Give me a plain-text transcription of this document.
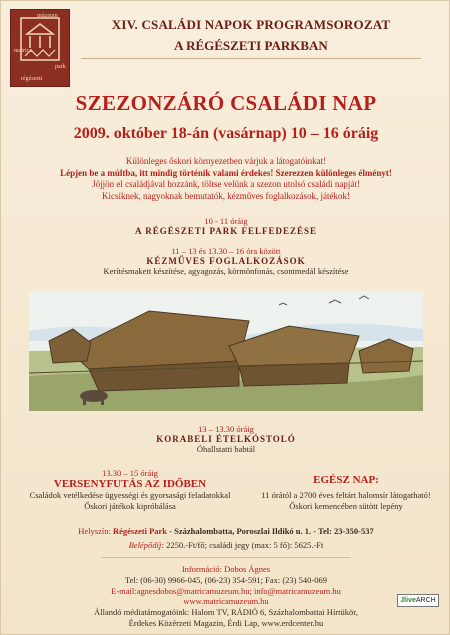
matrica
múzeum
régészeti
park
XIV. CSALÁDI NAPOK PROGRAMSOROZAT
A RÉGÉSZETI PARKBAN
SZEZONZÁRÓ CSALÁDI NAP
2009. október 18-án (vasárnap) 10 – 16 óráig
Különleges őskori környezetben várjuk a látogatóinkat!
Lépjen be a múltba, itt mindig történik valami érdekes! Szerezzen különleges élményt!
Jöjjön el családjával hozzánk, töltse velünk a szezon utolsó családi napját!
Kicsiknek, nagyoknak bemutatók, kézműves foglalkozások, játékok!
10 - 11 óráig
A RÉGÉSZETI PARK FELFEDEZÉSE
11 – 13 és 13.30 – 16 óra között
KÉZMŰVES FOGLALKOZÁSOK
Kerítésmakett készítése, agyagozás, körmönfonás, csontmedál készítése
13 – 13.30 óráig
KORABELI ÉTELKÓSTOLÓ
Óhallstatti babtál
13.30 – 15 óráig
VERSENYFUTÁS AZ IDŐBEN
Családok vetélkedése ügyességi és gyorsasági feladatokkal
Őskori játékok kipróbálása
EGÉSZ NAP:
11 órától a 2700 éves feltárt halomsír látogatható!
Őskori kemencében sütött lepény
Helyszín: Régészeti Park - Százhalombatta, Poroszlai Ildikó u. 1. - Tel: 23-350-537
Belépődíj: 2250.-Ft/fő; családi jegy (max: 5 fő): 5625.-Ft
Információ: Dobos Ágnes
Tel: (06-30) 9966-045, (06-23) 354-591; Fax: (23) 540-069
E-mail:agnesdobos@matricamuzeum.hu; info@matricamuzeum.hu
www.matricamuzeum.hu
Állandó médiatámogatóink: Halom TV, RÁDIÓ 6, Százhalombattai Hírtükör,
Érdekes Közérzeti Magazin, Érdi Lap, www.erdcenter.hu
JliveARCH
